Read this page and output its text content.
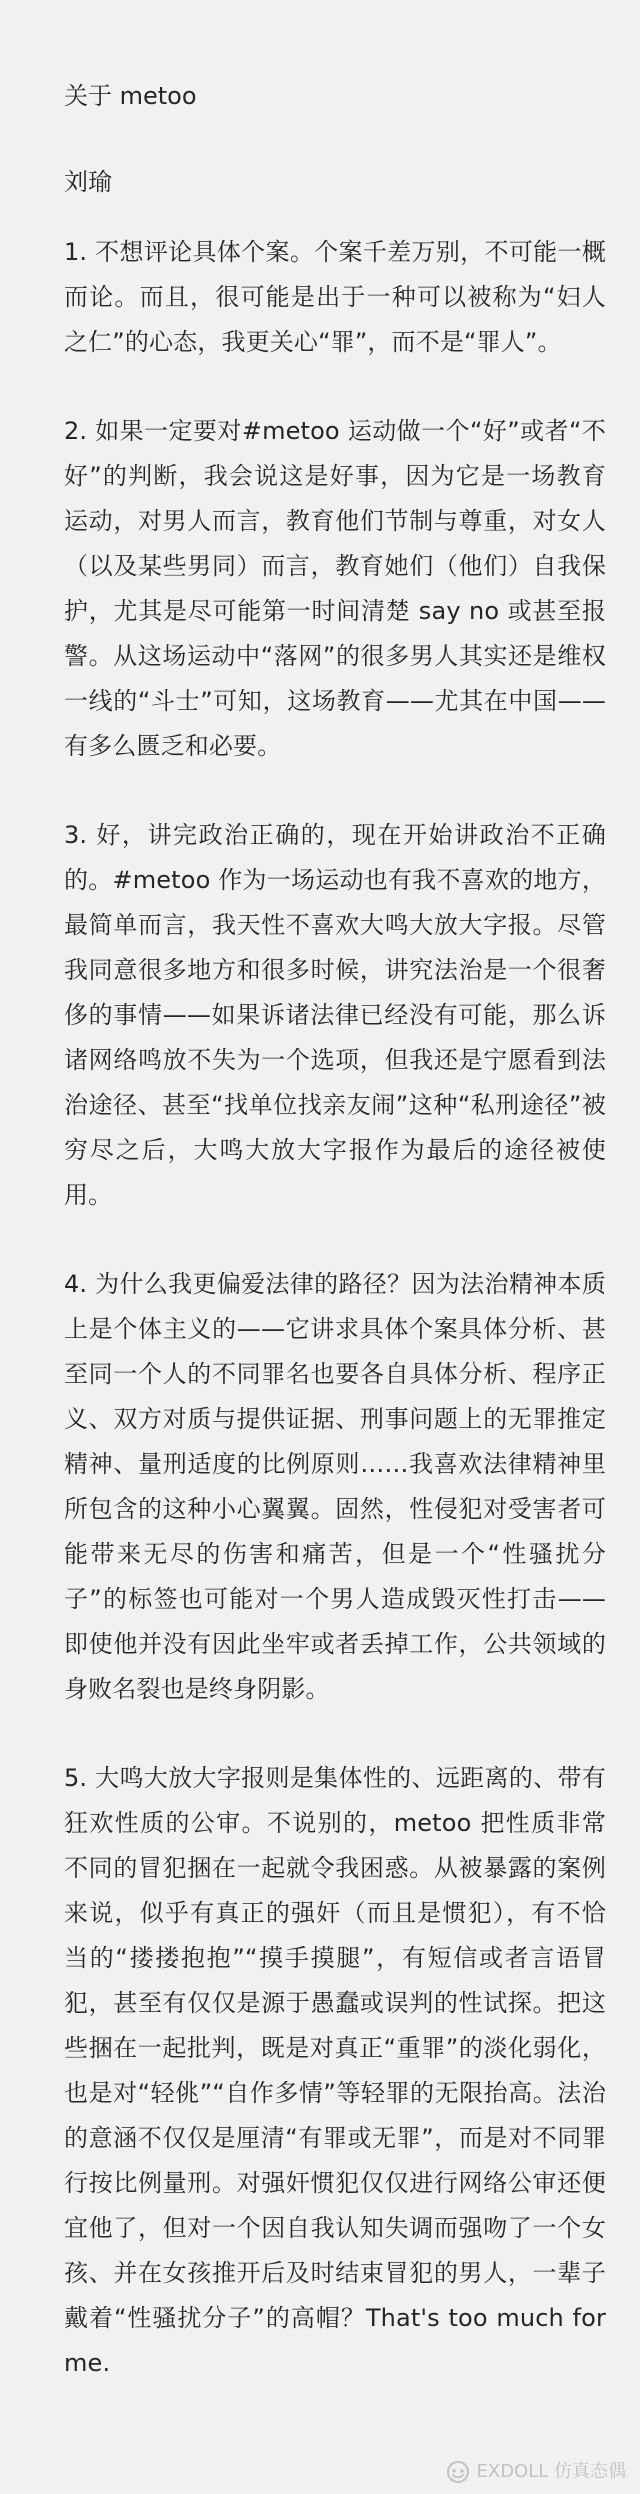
关于 metoo
刘瑜

1. 不想评论具体个案。个案千差万别，不可能一概而论。而且，很可能是出于一种可以被称为“妇人之仁”的心态，我更关心“罪”，而不是“罪人”。

2. 如果一定要对#metoo 运动做一个“好”或者“不好”的判断，我会说这是好事，因为它是一场教育运动，对男人而言，教育他们节制与尊重，对女人（以及某些男同）而言，教育她们（他们）自我保护，尤其是尽可能第一时间清楚 say no 或甚至报警。从这场运动中“落网”的很多男人其实还是维权一线的“斗士”可知，这场教育——尤其在中国——有多么匮乏和必要。

3. 好，讲完政治正确的，现在开始讲政治不正确的。#metoo 作为一场运动也有我不喜欢的地方，最简单而言，我天性不喜欢大鸣大放大字报。尽管我同意很多地方和很多时候，讲究法治是一个很奢侈的事情——如果诉诸法律已经没有可能，那么诉诸网络鸣放不失为一个选项，但我还是宁愿看到法治途径、甚至“找单位找亲友闹”这种“私刑途径”被穷尽之后，大鸣大放大字报作为最后的途径被使用。

4. 为什么我更偏爱法律的路径？因为法治精神本质上是个体主义的——它讲求具体个案具体分析、甚至同一个人的不同罪名也要各自具体分析、程序正义、双方对质与提供证据、刑事问题上的无罪推定精神、量刑适度的比例原则……我喜欢法律精神里所包含的这种小心翼翼。固然，性侵犯对受害者可能带来无尽的伤害和痛苦，但是一个“性骚扰分子”的标签也可能对一个男人造成毁灭性打击——即使他并没有因此坐牢或者丢掉工作，公共领域的身败名裂也是终身阴影。

5. 大鸣大放大字报则是集体性的、远距离的、带有狂欢性质的公审。不说别的，metoo 把性质非常不同的冒犯捆在一起就令我困惑。从被暴露的案例来说，似乎有真正的强奸（而且是惯犯），有不恰当的“搂搂抱抱”“摸手摸腿”，有短信或者言语冒犯，甚至有仅仅是源于愚蠢或误判的性试探。把这些捆在一起批判，既是对真正“重罪”的淡化弱化，也是对“轻佻”“自作多情”等轻罪的无限抬高。法治的意涵不仅仅是厘清“有罪或无罪”，而是对不同罪行按比例量刑。对强奸惯犯仅仅进行网络公审还便宜他了，但对一个因自我认知失调而强吻了一个女孩、并在女孩推开后及时结束冒犯的男人，一辈子戴着“性骚扰分子”的高帽？That's too much for me.

EXDOLL 仿真态偶
